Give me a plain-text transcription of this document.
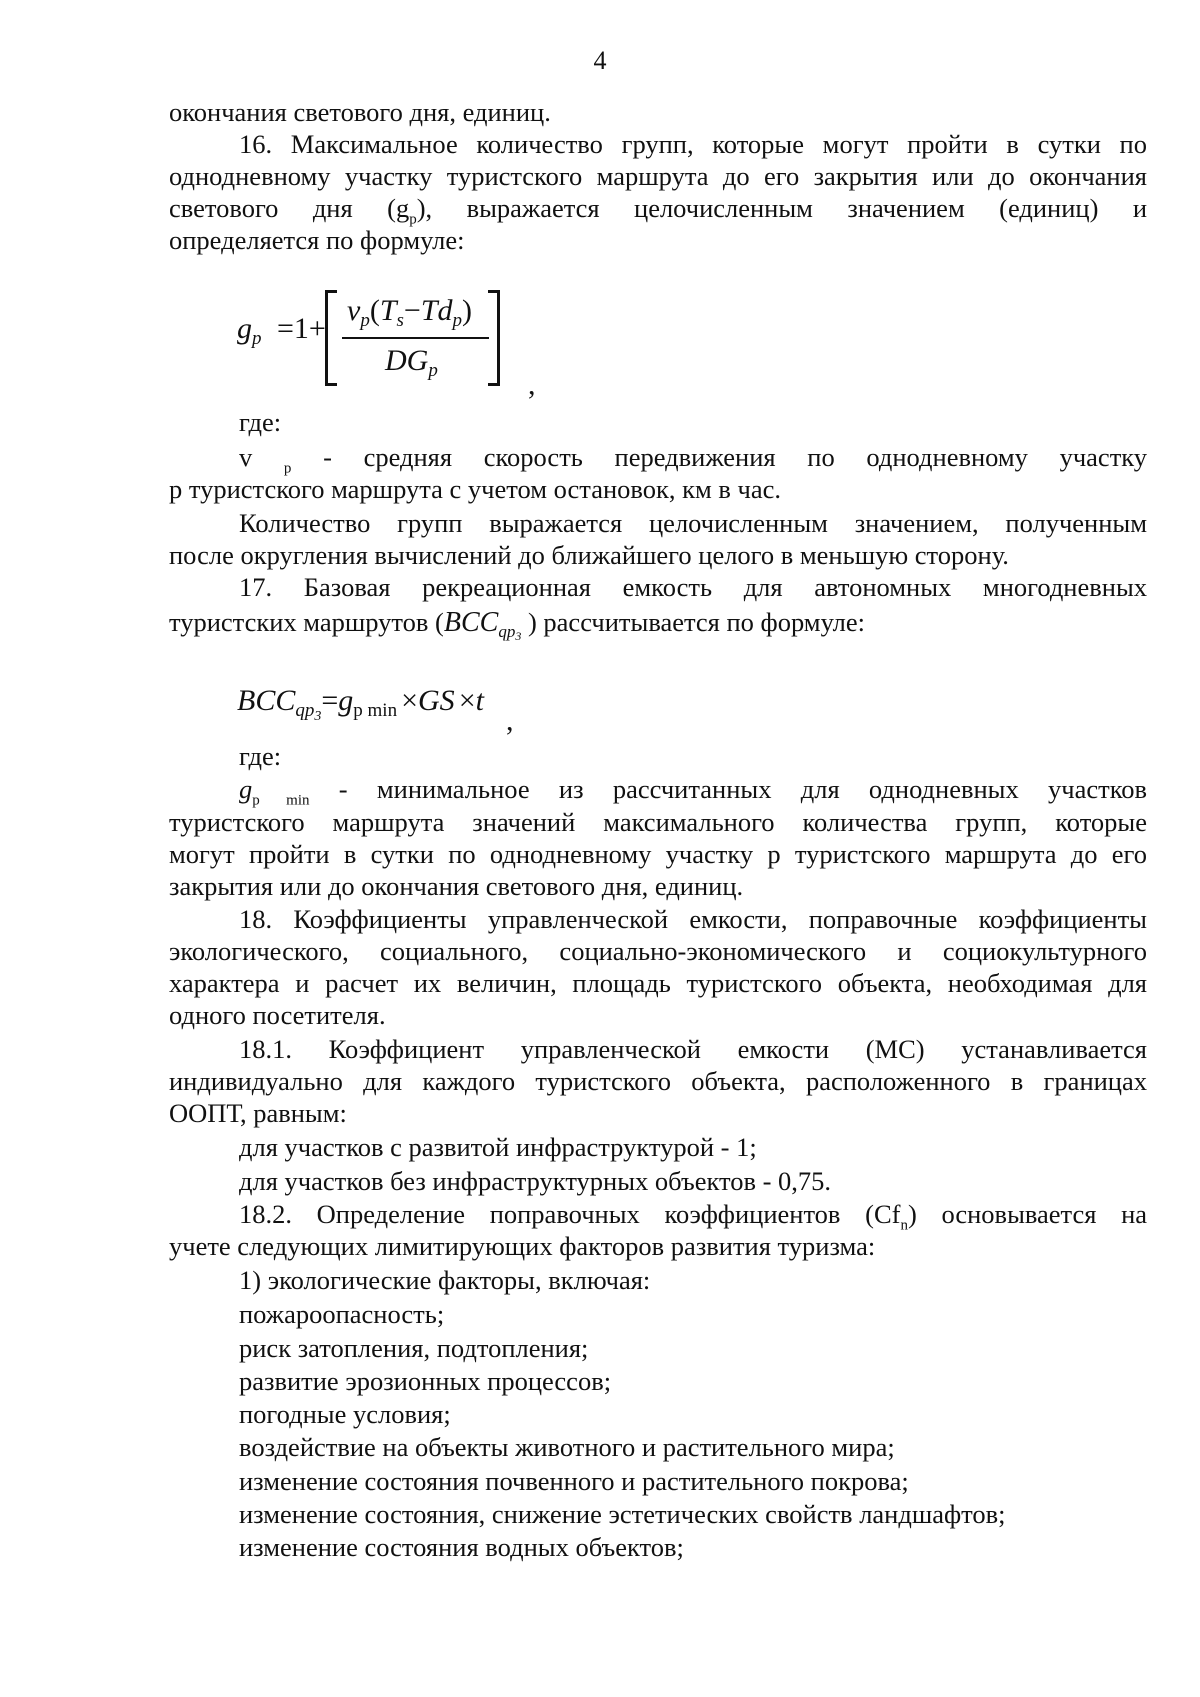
4
окончания светового дня, единиц.
16. Максимальное количество групп, которые могут пройти в сутки по
однодневному участку туристского маршрута до его закрытия или до окончания
светового дня $(g_p)$, выражается целочисленным значением (единиц) и
определяется по формуле:
$g_p =1+$
$v_p(T_s-Td_p)$
$DG_p$	,
где:
v $_p$ - средняя скорость передвижения по однодневному участку
р туристского маршрута с учетом остановок, км в час.
Количество групп выражается целочисленным значением, полученным
после округления вычислений до ближайшего целого в меньшую сторону.
17. Базовая рекреационная емкость для автономных многодневных
туристских маршрутов ($BCC_{qp3}$ ) рассчитывается по формуле:
$BCC_{qp3}=g_{p min} \times GS \times t$
,
где:
$g_{p min}$ - минимальное из рассчитанных для однодневных участков
туристского маршрута значений максимального количества групп, которые
могут пройти в сутки по однодневному участку р туристского маршрута до его
закрытия или до окончания светового дня, единиц.
18. Коэффициенты управленческой емкости, поправочные коэффициенты
экологического, социального, социально-экономического и социокультурного
характера и расчет их величин, площадь туристского объекта, необходимая для
одного посетителя.
18.1. Коэффициент управленческой емкости (МС) устанавливается
индивидуально для каждого туристского объекта, расположенного в границах
ООПТ, равным:
для участков с развитой инфраструктурой - 1;
для участков без инфраструктурных объектов - 0,75.
18.2. Определение поправочных коэффициентов $(Cf_n)$ основывается на
учете следующих лимитирующих факторов развития туризма:
1) экологические факторы, включая:
пожароопасность;
риск затопления, подтопления;
развитие эрозионных процессов;
погодные условия;
воздействие на объекты животного и растительного мира;
изменение состояния почвенного и растительного покрова;
изменение состояния, снижение эстетических свойств ландшафтов;
изменение состояния водных объектов;
